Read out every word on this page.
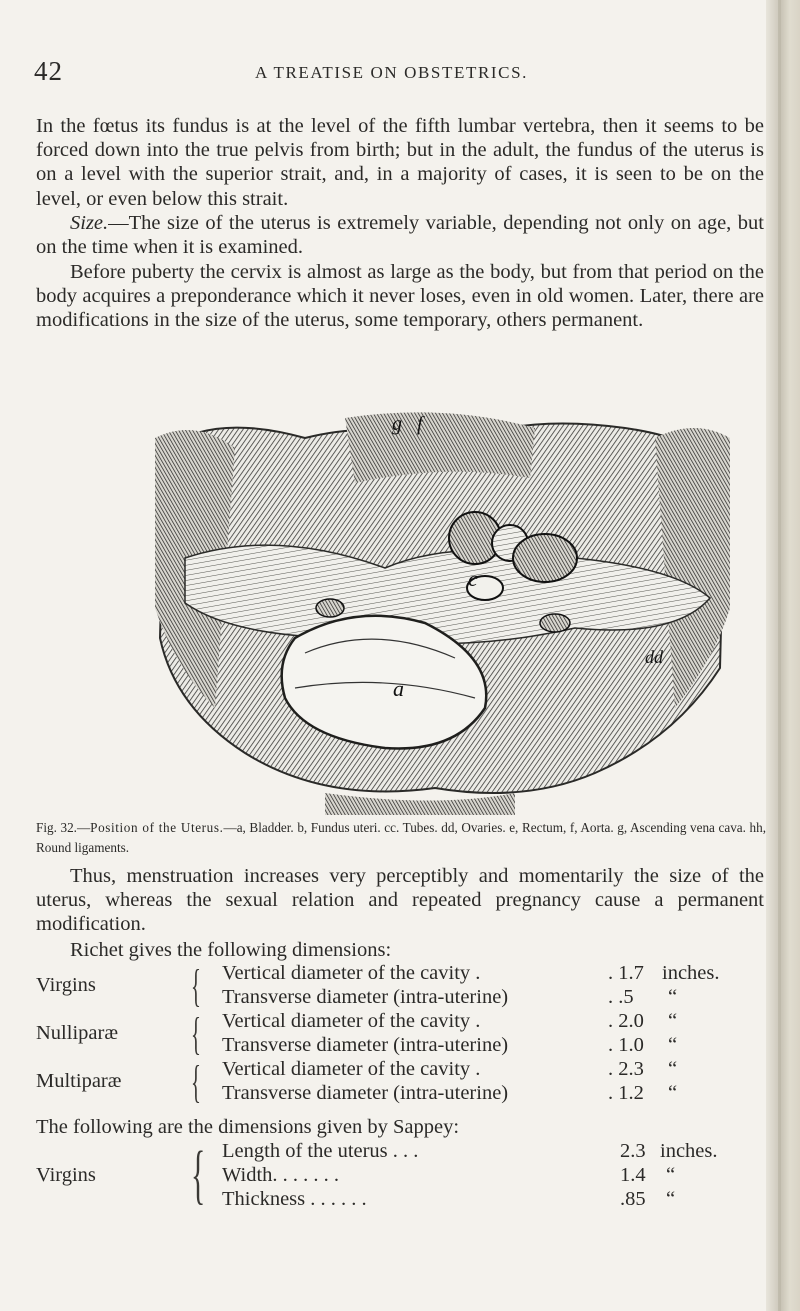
42	A TREATISE ON OBSTETRICS.

In the fœtus its fundus is at the level of the fifth lumbar vertebra, then it seems to be forced down into the true pelvis from birth; but in the adult, the fundus of the uterus is on a level with the superior strait, and, in a majority of cases, it is seen to be on the level, or even below this strait.

Size.—The size of the uterus is extremely variable, depending not only on age, but on the time when it is examined.

Before puberty the cervix is almost as large as the body, but from that period on the body acquires a preponderance which it never loses, even in old women. Later, there are modifications in the size of the uterus, some temporary, others permanent.

f
c
a
g
dd

Fig. 32.—Position of the Uterus.—a, Bladder. b, Fundus uteri. cc. Tubes. dd, Ovaries. e, Rectum, f, Aorta. g, Ascending vena cava. hh, Round ligaments.

Thus, menstruation increases very perceptibly and momentarily the size of the uterus, whereas the sexual relation and repeated pregnancy cause a permanent modification.

Richet gives the following dimensions:
Virgins { Vertical diameter of the cavity .	. 1.7 inches.
Transverse diameter (intra-uterine)	. .5 “
Nulliparæ { Vertical diameter of the cavity .	. 2.0 “
Transverse diameter (intra-uterine)	. 1.0 “
Multiparæ { Vertical diameter of the cavity .	. 2.3 “
Transverse diameter (intra-uterine)	. 1.2 “
The following are the dimensions given by Sappey:
Virgins { Length of the uterus . . .	2.3 inches.
Width. . . . . . .	1.4 “
Thickness . . . . . .	.85 “
